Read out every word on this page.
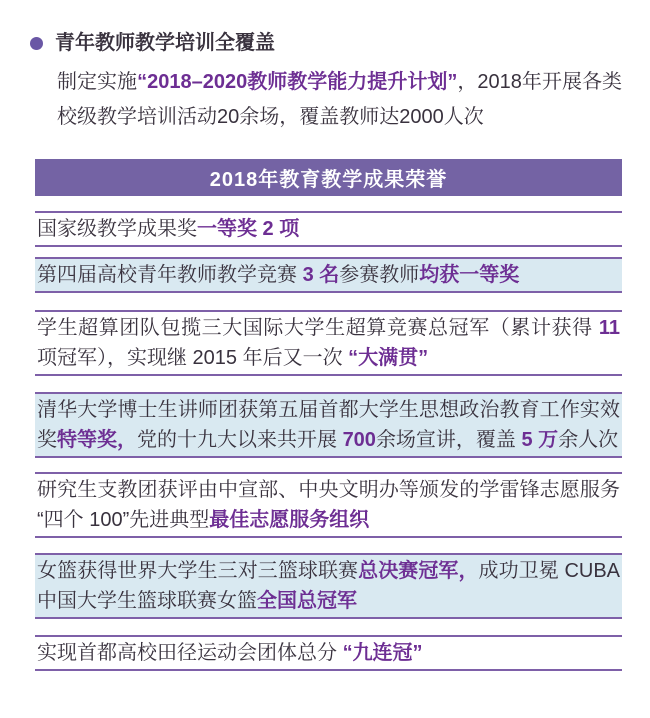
青年教师教学培训全覆盖

制定实施“2018–2020教师教学能力提升计划”，2018年开展各类校级教学培训活动20余场，覆盖教师达2000人次

2018年教育教学成果荣誉
国家级教学成果奖一等奖 2 项
第四届高校青年教师教学竞赛 3 名参赛教师均获一等奖
学生超算团队包揽三大国际大学生超算竞赛总冠军（累计获得 11 项冠军），实现继 2015 年后又一次 “大满贯”
清华大学博士生讲师团获第五届首都大学生思想政治教育工作实效奖特等奖，党的十九大以来共开展 700余场宣讲，覆盖 5 万余人次
研究生支教团获评由中宣部、中央文明办等颁发的学雷锋志愿服务“四个 100”先进典型最佳志愿服务组织
女篮获得世界大学生三对三篮球联赛总决赛冠军，成功卫冕 CUBA 中国大学生篮球联赛女篮全国总冠军
实现首都高校田径运动会团体总分 “九连冠”
